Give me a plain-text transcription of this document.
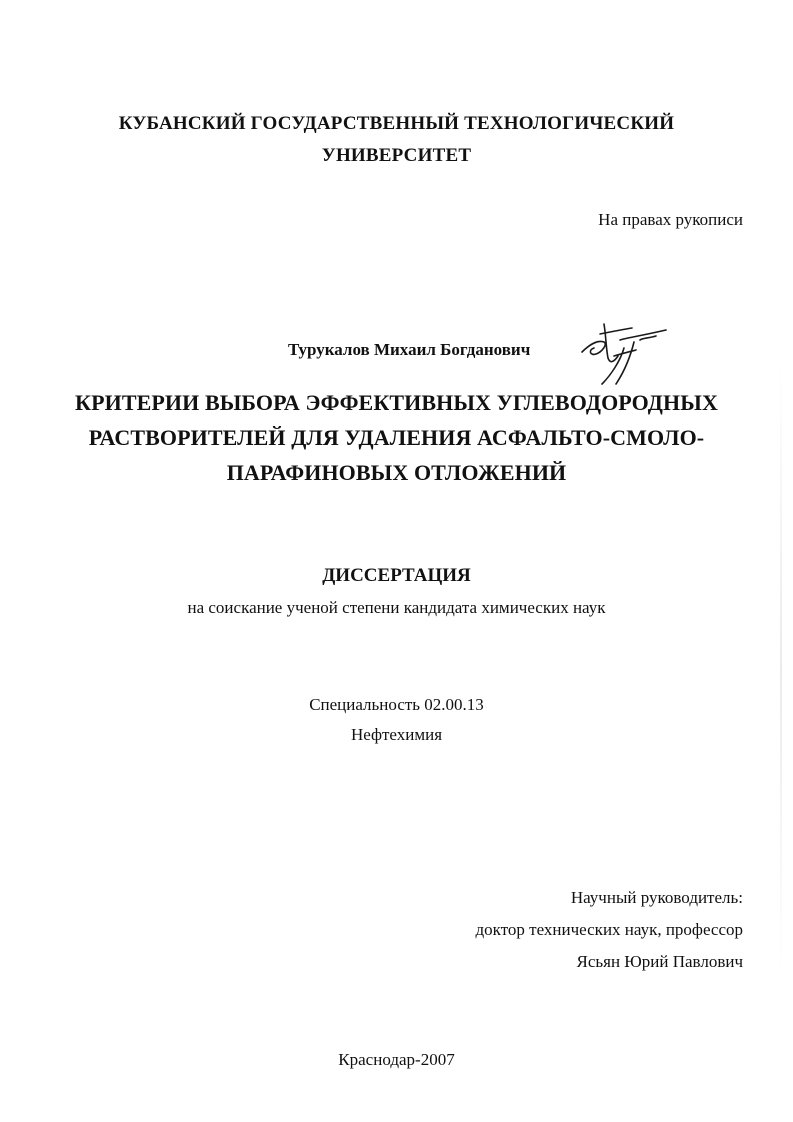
КУБАНСКИЙ ГОСУДАРСТВЕННЫЙ ТЕХНОЛОГИЧЕСКИЙ
УНИВЕРСИТЕТ
На правах рукописи
Турукалов Михаил Богданович
КРИТЕРИИ ВЫБОРА ЭФФЕКТИВНЫХ УГЛЕВОДОРОДНЫХ
РАСТВОРИТЕЛЕЙ ДЛЯ УДАЛЕНИЯ АСФАЛЬТО-СМОЛО-
ПАРАФИНОВЫХ ОТЛОЖЕНИЙ
ДИССЕРТАЦИЯ
на соискание ученой степени кандидата химических наук
Специальность 02.00.13
Нефтехимия
Научный руководитель:
доктор технических наук, профессор
Ясьян Юрий Павлович
Краснодар-2007
